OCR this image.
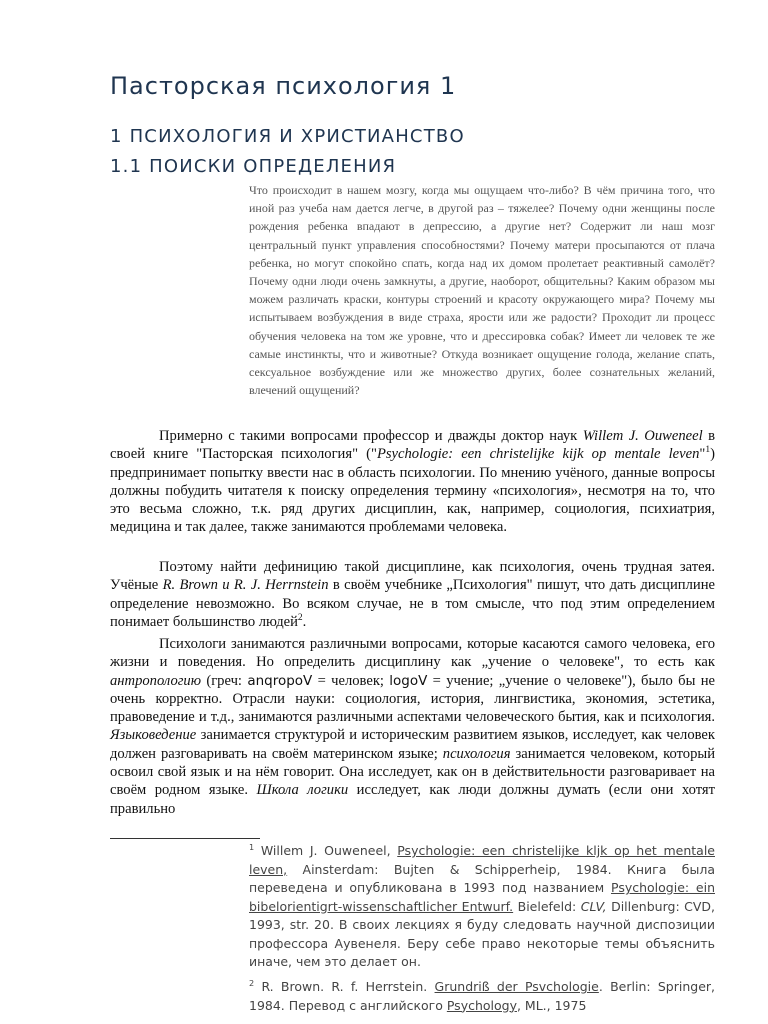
Пасторская психология 1
1 ПСИХОЛОГИЯ И ХРИСТИАНСТВО
1.1 ПОИСКИ ОПРЕДЕЛЕНИЯ

Что происходит в нашем мозгу, когда мы ощущаем что-либо? В чём причина того, что иной раз учеба нам дается легче, в другой раз – тяжелее? Почему одни женщины после рождения ребенка впадают в депрессию, а другие нет? Содержит ли наш мозг центральный пункт управления способностями? Почему матери просыпаются от плача ребенка, но могут спокойно спать, когда над их домом пролетает реактивный самолёт? Почему одни люди очень замкнуты, а другие, наоборот, общительны? Каким образом мы можем различать краски, контуры строений и красоту окружающего мира? Почему мы испытываем возбуждения в виде страха, ярости или же радости? Проходит ли процесс обучения человека на том же уровне, что и дрессировка собак? Имеет ли человек те же самые инстинкты, что и животные? Откуда возникает ощущение голода, желание спать, сексуальное возбуждение или же множество других, более сознательных желаний, влечений ощущений?

Примерно с такими вопросами профессор и дважды доктор наук Willem J. Ouweneel в своей книге "Пасторская психология" ("Psychologie: een christelijke kijk op mentale leven"$^1$) предпринимает попытку ввести нас в область психологии. По мнению учёного, данные вопросы должны побудить читателя к поиску определения термину «психология», несмотря на то, что это весьма сложно, т.к. ряд других дисциплин, как, например, социология, психиатрия, медицина и так далее, также занимаются проблемами человека.

Поэтому найти дефиницию такой дисциплине, как психология, очень трудная затея. Учёные R. Brown и R. J. Herrnstein в своём учебнике „Психология" пишут, что дать дисциплине определение невозможно. Во всяком случае, не в том смысле, что под этим определением понимает большинство людей$^2$.

Психологи занимаются различными вопросами, которые касаются самого человека, его жизни и поведения. Но определить дисциплину как „учение о человеке", то есть как антропологию (греч: anqropoV = человек; logoV = учение; „учение о человеке"), было бы не очень корректно. Отрасли науки: социология, история, лингвистика, экономия, эстетика, правоведение и т.д., занимаются различными аспектами человеческого бытия, как и психология. Языковедение занимается структурой и историческим развитием языков, исследует, как человек должен разговаривать на своём материнском языке; психология занимается человеком, который освоил свой язык и на нём говорит. Она исследует, как он в действительности разговаривает на своём родном языке. Школа логики исследует, как люди должны думать (если они хотят правильно

$^1$ Willem J. Ouweneel, Psychologie: een christelijke kljk op het mentale leven, Ainsterdam: Bujten & Schipperheip, 1984. Книга была переведена и опубликована в 1993 под названием Psychologie: ein bibelorientigrt-wissenschaftlicher Entwurf. Bielefeld: CLV, Dillenburg: CVD, 1993, str. 20. В своих лекциях я буду следовать научной диспозиции профессора Аувенеля. Беру себе право некоторые темы объяснить иначе, чем это делает он.

$^2$ R. Brown. R. f. Herrstein. Grundriß der Psvchologie. Berlin: Springer, 1984. Перевод с английского Psychology, ML., 1975
